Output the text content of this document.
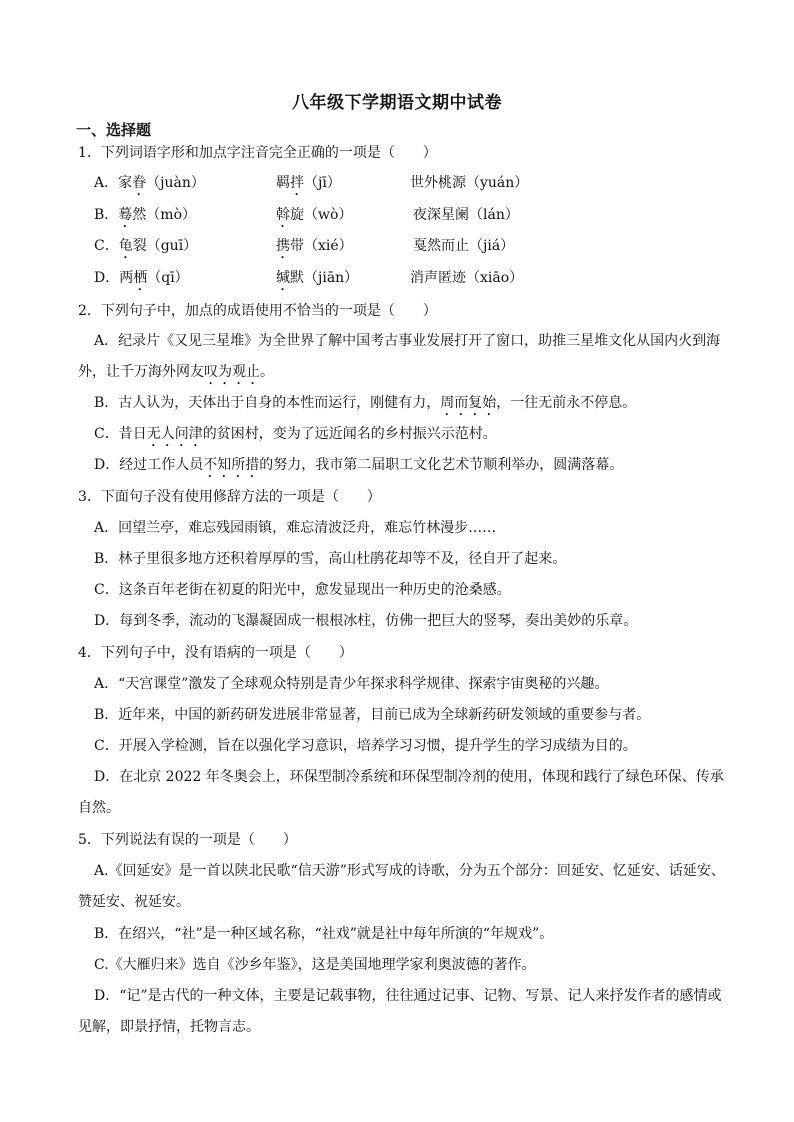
八年级下学期语文期中试卷
一、选择题
1．下列词语字形和加点字注音完全正确的一项是（　　）
A．家眷（juàn）	羁拌（jī）	世外桃源（yuán）
B．蓦然（mò）	斡旋（wò）	夜深星阑（lán）
C．龟裂（guī）	携带（xié）	戛然而止（jiá）
D．两栖（qī）	缄默（jiān）	消声匿迹（xiāo）
2．下列句子中，加点的成语使用不恰当的一项是（　　）
A．纪录片《又见三星堆》为全世界了解中国考古事业发展打开了窗口，助推三星堆文化从国内火到海
外，让千万海外网友叹为观止。
B．古人认为，天体出于自身的本性而运行，刚健有力，周而复始，一往无前永不停息。
C．昔日无人问津的贫困村，变为了远近闻名的乡村振兴示范村。
D．经过工作人员不知所措的努力，我市第二届职工文化艺术节顺利举办，圆满落幕。
3．下面句子没有使用修辞方法的一项是（　　）
A．回望兰亭，难忘残园雨镇，难忘清波泛舟，难忘竹林漫步……
B．林子里很多地方还积着厚厚的雪，高山杜鹃花却等不及，径自开了起来。
C．这条百年老街在初夏的阳光中，愈发显现出一种历史的沧桑感。
D．每到冬季，流动的飞瀑凝固成一根根冰柱，仿佛一把巨大的竖琴，奏出美妙的乐章。
4．下列句子中，没有语病的一项是（　　）
A．“天宫课堂”激发了全球观众特别是青少年探求科学规律、探索宇宙奥秘的兴趣。
B．近年来，中国的新药研发进展非常显著，目前已成为全球新药研发领域的重要参与者。
C．开展入学检测，旨在以强化学习意识，培养学习习惯，提升学生的学习成绩为目的。
D．在北京 2022 年冬奥会上，环保型制冷系统和环保型制冷剂的使用，体现和践行了绿色环保、传承
自然。
5．下列说法有误的一项是（　　）
A.《回延安》是一首以陕北民歌“信天游”形式写成的诗歌，分为五个部分：回延安、忆延安、话延安、
赞延安、祝延安。
B．在绍兴，“社”是一种区域名称，“社戏”就是社中每年所演的“年规戏”。
C.《大雁归来》选自《沙乡年鉴》，这是美国地理学家利奥波德的著作。
D．“记”是古代的一种文体，主要是记载事物，往往通过记事、记物、写景、记人来抒发作者的感情或
见解，即景抒情，托物言志。
